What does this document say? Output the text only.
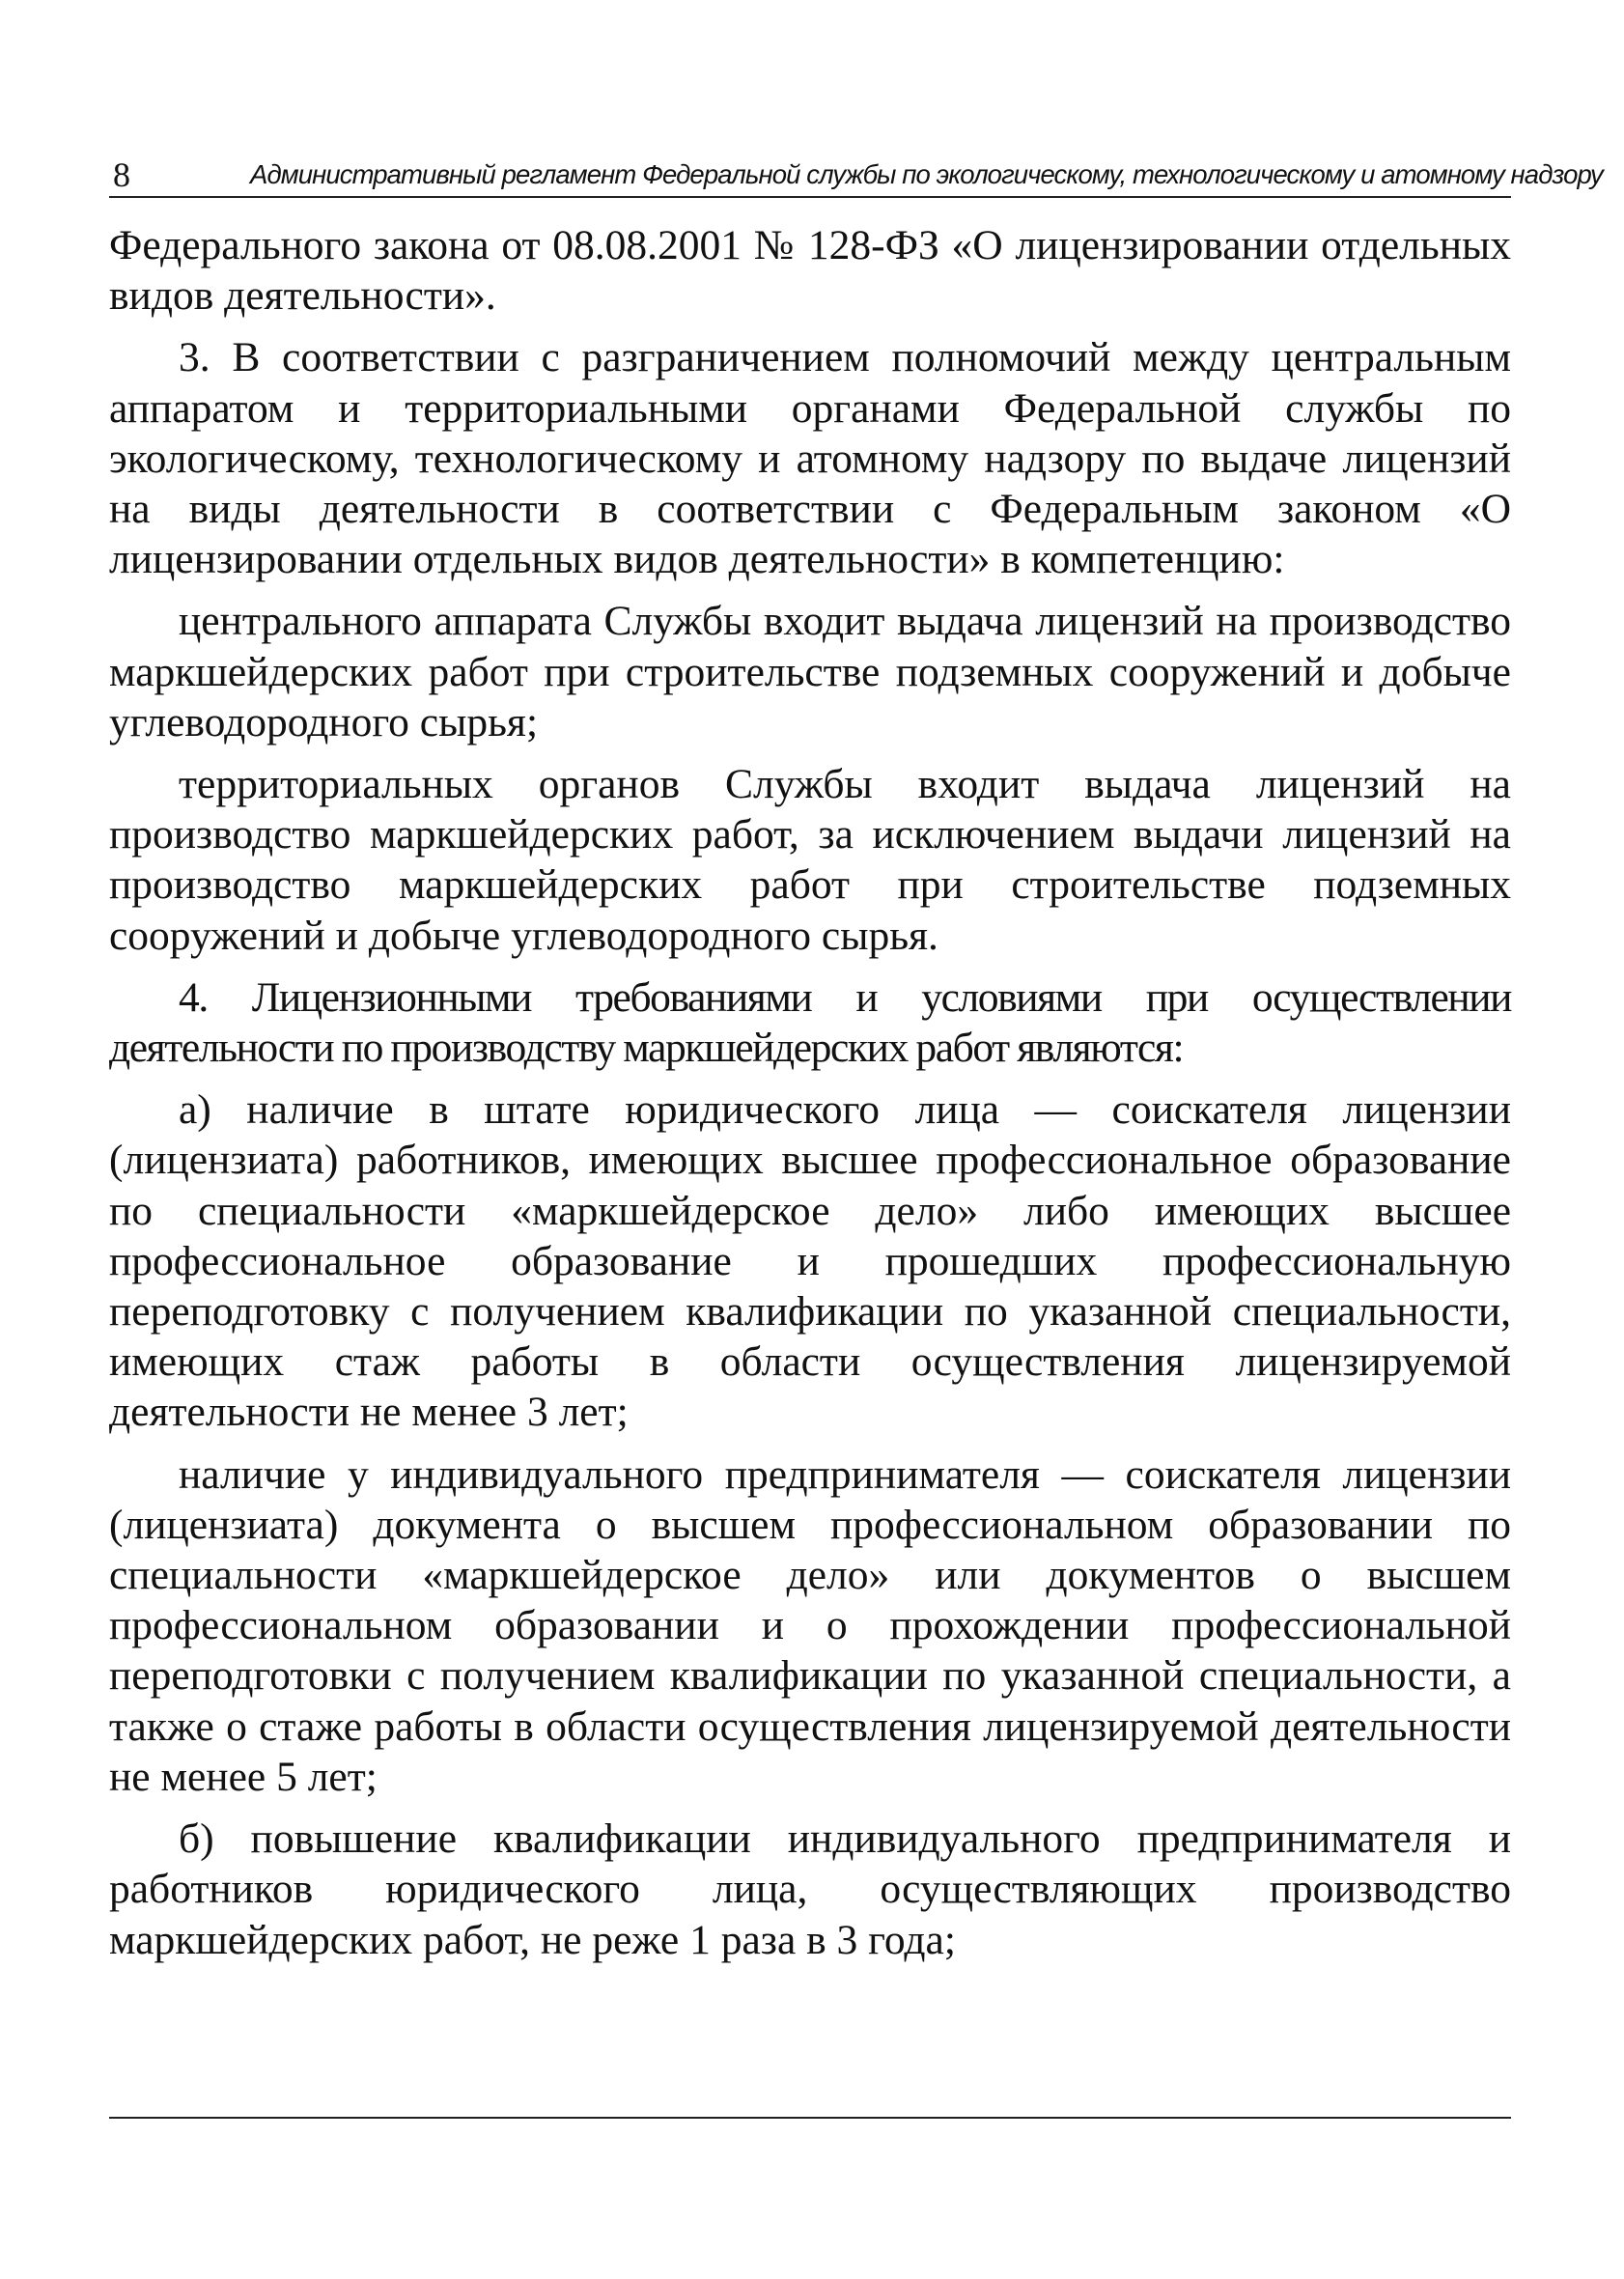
8	Административный регламент Федеральной службы по экологическому, технологическому и атомному надзору

Федерального закона от 08.08.2001 № 128-ФЗ «О лицензировании отдельных видов деятельности».

3. В соответствии с разграничением полномочий между центральным аппаратом и территориальными органами Федеральной службы по экологическому, технологическому и атомному надзору по выдаче лицензий на виды деятельности в соответствии с Федеральным законом «О лицензировании отдельных видов деятельности» в компетенцию:

центрального аппарата Службы входит выдача лицензий на производство маркшейдерских работ при строительстве подземных сооружений и добыче углеводородного сырья;

территориальных органов Службы входит выдача лицензий на производство маркшейдерских работ, за исключением выдачи лицензий на производство маркшейдерских работ при строительстве подземных сооружений и добыче углеводородного сырья.

4. Лицензионными требованиями и условиями при осуществлении деятельности по производству маркшейдерских работ являются:

а) наличие в штате юридического лица — соискателя лицензии (лицензиата) работников, имеющих высшее профессиональное образование по специальности «маркшейдерское дело» либо имеющих высшее профессиональное образование и прошедших профессиональную переподготовку с получением квалификации по указанной специальности, имеющих стаж работы в области осуществления лицензируемой деятельности не менее 3 лет;

наличие у индивидуального предпринимателя — соискателя лицензии (лицензиата) документа о высшем профессиональном образовании по специальности «маркшейдерское дело» или документов о высшем профессиональном образовании и о прохождении профессиональной переподготовки с получением квалификации по указанной специальности, а также о стаже работы в области осуществления лицензируемой деятельности не менее 5 лет;

б) повышение квалификации индивидуального предпринимателя и работников юридического лица, осуществляющих производство маркшейдерских работ, не реже 1 раза в 3 года;
